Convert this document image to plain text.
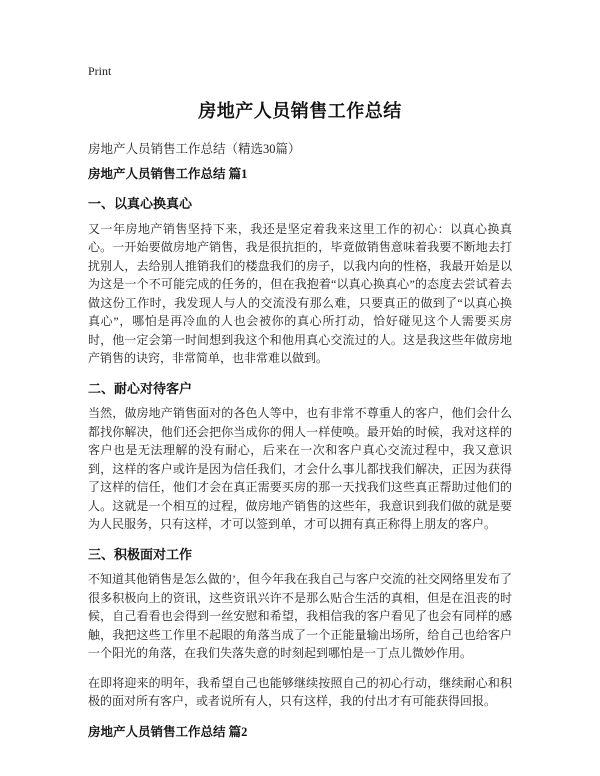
Print
房地产人员销售工作总结

房地产人员销售工作总结（精选30篇）

房地产人员销售工作总结 篇1
一、以真心换真心

又一年房地产销售坚持下来，我还是坚定着我来这里工作的初心：以真心换真心。一开始要做房地产销售，我是很抗拒的，毕竟做销售意味着我要不断地去打扰别人，去给别人推销我们的楼盘我们的房子，以我内向的性格，我最开始是以为这是一个不可能完成的任务的，但在我抱着“以真心换真心”的态度去尝试着去做这份工作时，我发现人与人的交流没有那么难，只要真正的做到了“以真心换真心”，哪怕是再冷血的人也会被你的真心所打动，恰好碰见这个人需要买房时，他一定会第一时间想到我这个和他用真心交流过的人。这是我这些年做房地产销售的诀窍，非常简单，也非常难以做到。

二、耐心对待客户

当然，做房地产销售面对的各色人等中，也有非常不尊重人的客户，他们会什么都找你解决，他们还会把你当成你的佣人一样使唤。最开始的时候，我对这样的客户也是无法理解的没有耐心，后来在一次和客户真心交流过程中，我又意识到，这样的客户或许是因为信任我们，才会什么事儿都找我们解决，正因为获得了这样的信任，他们才会在真正需要买房的那一天找我们这些真正帮助过他们的人。这就是一个相互的过程，做房地产销售的这些年，我意识到我们做的就是要为人民服务，只有这样，才可以签到单，才可以拥有真正称得上朋友的客户。

三、积极面对工作

不知道其他销售是怎么做的’，但今年我在我自己与客户交流的社交网络里发布了很多积极向上的资讯，这些资讯兴许不是那么贴合生活的真相，但是在沮丧的时候，自己看看也会得到一丝安慰和希望，我相信我的客户看见了也会有同样的感触，我把这些工作里不起眼的角落当成了一个正能量输出场所，给自己也给客户一个阳光的角落，在我们失落失意的时刻起到哪怕是一丁点儿微妙作用。

在即将迎来的明年，我希望自己也能够继续按照自己的初心行动，继续耐心和积极的面对所有客户，或者说所有人，只有这样，我的付出才有可能获得回报。

房地产人员销售工作总结 篇2
